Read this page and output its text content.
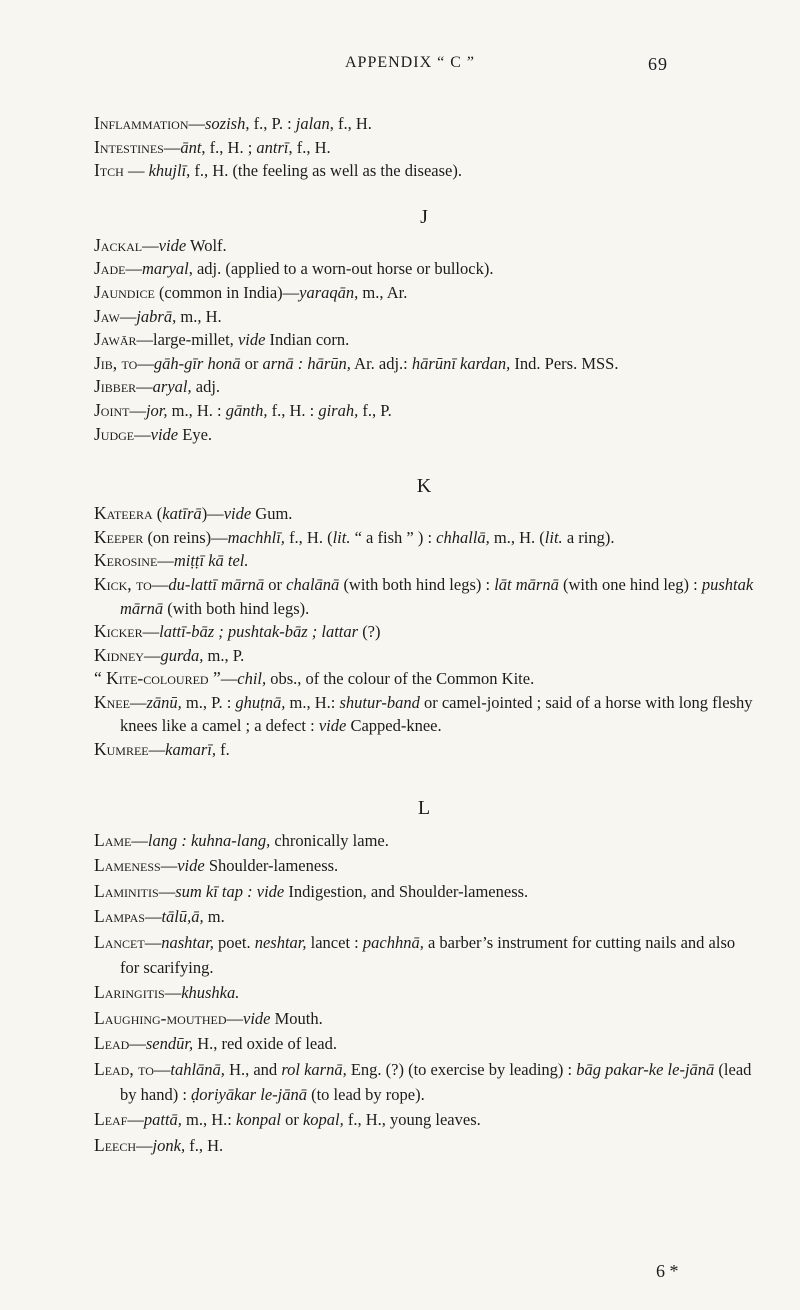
APPENDIX “ C ”	69
Inflammation—sozish, f., P. : jalan, f., H.
Intestines—ānt, f., H. ; antrī, f., H.
Itch — khujlī, f., H. (the feeling as well as the disease).
J
Jackal—vide Wolf.
Jade—maryal, adj. (applied to a worn-out horse or bullock).
Jaundice (common in India)—yaraqān, m., Ar.
Jaw—jabrā, m., H.
Jawār—large-millet, vide Indian corn.
Jib, to—gāh-gīr honā or arnā : hārūn, Ar. adj.: hārūnī kardan, Ind. Pers. MSS.
Jibber—aryal, adj.
Joint—jor, m., H. : gānth, f., H. : girah, f., P.
Judge—vide Eye.
K
Kateera (katīrā)—vide Gum.
Keeper (on reins)—machhlī, f., H. (lit. “ a fish ” ) : chhallā, m., H. (lit. a ring).
Kerosine—miṭṭī kā tel.
Kick, to—du-lattī mārnā or chalānā (with both hind legs) : lāt mārnā (with one hind leg) : pushtak mārnā (with both hind legs).
Kicker—lattī-bāz ; pushtak-bāz ; lattar (?)
Kidney—gurda, m., P.
“ Kite-coloured ”—chil, obs., of the colour of the Common Kite.
Knee—zānū, m., P. : ghuṭnā, m., H.: shutur-band or camel-jointed ; said of a horse with long fleshy knees like a camel ; a defect : vide Capped-knee.
Kumree—kamarī, f.
L
Lame—lang : kuhna-lang, chronically lame.
Lameness—vide Shoulder-lameness.
Laminitis—sum kī tap : vide Indigestion, and Shoulder-lameness.
Lampas—tālū,ā, m.
Lancet—nashtar, poet. neshtar, lancet : pachhnā, a barber’s instrument for cutting nails and also for scarifying.
Laringitis—khushka.
Laughing-mouthed—vide Mouth.
Lead—sendūr, H., red oxide of lead.
Lead, to—tahlānā, H., and rol karnā, Eng. (?) (to exercise by leading) : bāg pakar-ke le-jānā (lead by hand) : ḍoriyākar le-jānā (to lead by rope).
Leaf—pattā, m., H.: konpal or kopal, f., H., young leaves.
Leech—jonk, f., H.
6 *
